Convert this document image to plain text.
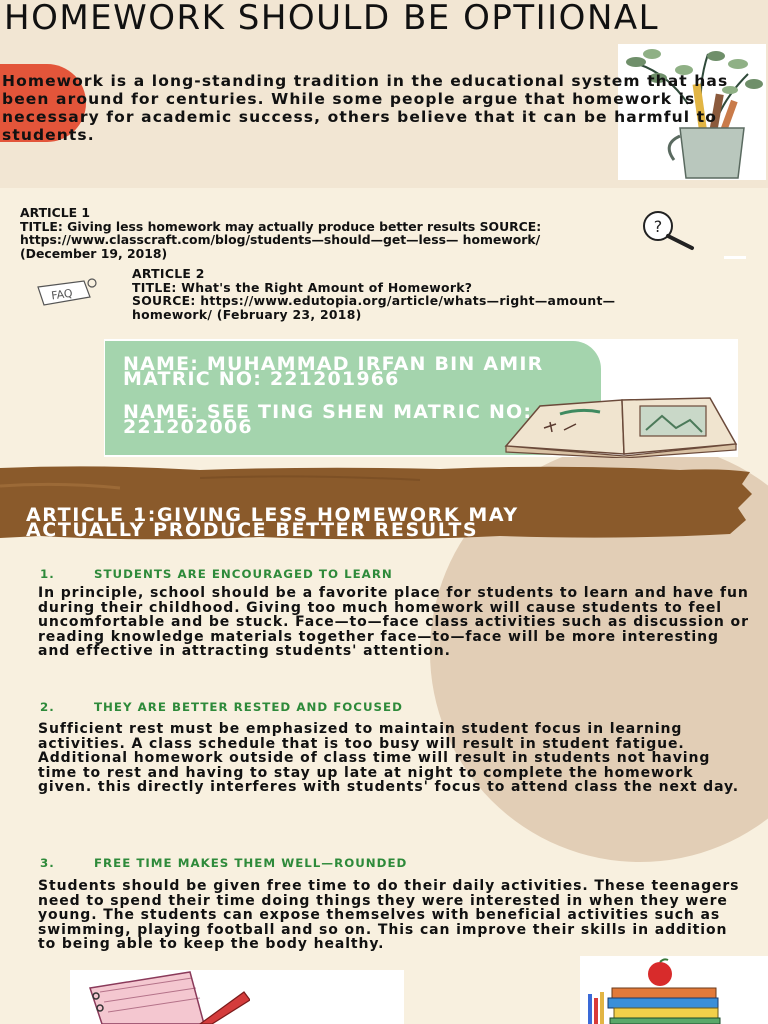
HOMEWORK SHOULD BE OPTIIONAL

Homework is a long-standing tradition in the educational system that has been around for centuries. While some people argue that homework is necessary for academic success, others believe that it can be harmful to students.

ARTICLE 1
TITLE: Giving less homework may actually produce better results SOURCE:
https://www.classcraft.com/blog/students—should—get—less— homework/ (December 19, 2018)

ARTICLE 2
TITLE: What's the Right Amount of Homework?
SOURCE: https://www.edutopia.org/article/whats—right—amount— homework/ (February 23, 2018)

?
FAQ
NAME: MUHAMMAD IRFAN BIN AMIR MATRIC NO: 221201966
NAME: SEE TING SHEN MATRIC NO: 221202006
ARTICLE 1:GIVING LESS HOMEWORK MAY
ACTUALLY PRODUCE BETTER RESULTS
1.	STUDENTS ARE ENCOURAGED TO LEARN

In principle, school should be a favorite place for students to learn and have fun during their childhood. Giving too much homework will cause students to feel uncomfortable and be stuck. Face—to—face class activities such as discussion or reading knowledge materials together face—to—face will be more interesting and effective in attracting students' attention.

2.	THEY ARE BETTER RESTED AND FOCUSED

Sufficient rest must be emphasized to maintain student focus in learning activities. A class schedule that is too busy will result in student fatigue. Additional homework outside of class time will result in students not having time to rest and having to stay up late at night to complete the homework given. this directly interferes with students' focus to attend class the next day.

3.	FREE TIME MAKES THEM WELL—ROUNDED

Students should be given free time to do their daily activities. These teenagers need to spend their time doing things they were interested in when they were young. The students can expose themselves with beneficial activities such as swimming, playing football and so on. This can improve their skills in addition to being able to keep the body healthy.
